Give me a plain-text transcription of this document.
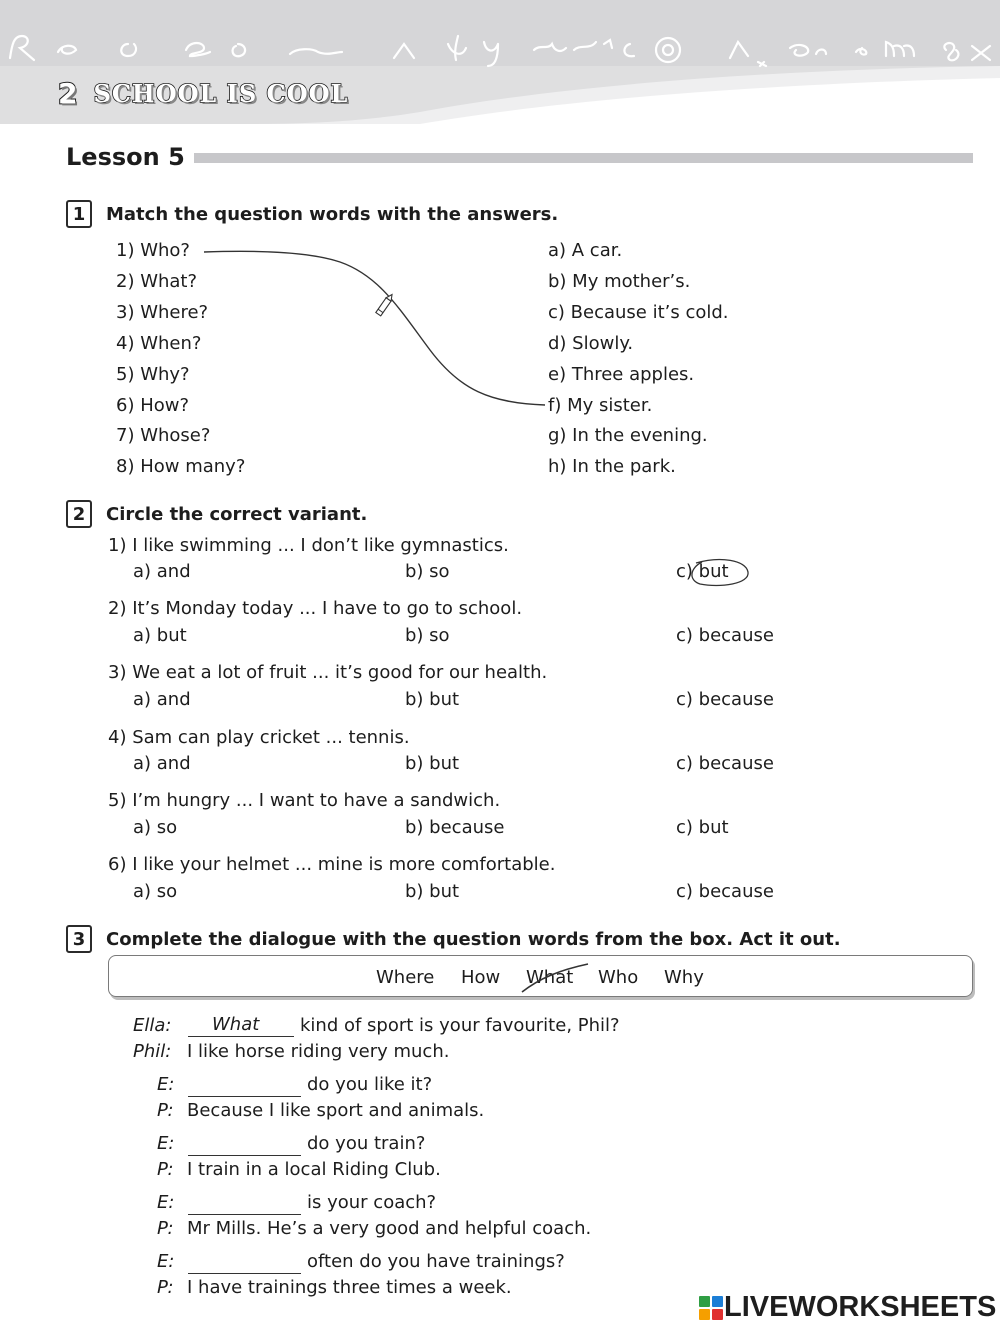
2 SCHOOL IS COOL
Lesson 5
1	Match the question words with the answers.
1) Who?
2) What?
3) Where?
4) When?
5) Why?
6) How?
7) Whose?
8) How many?
a) A car.
b) My mother’s.
c) Because it’s cold.
d) Slowly.
e) Three apples.
f) My sister.
g) In the evening.
h) In the park.
2	Circle the correct variant.
1) I like swimming ... I don’t like gymnastics.
a) and	b) so	c) but
2) It’s Monday today ... I have to go to school.
a) but	b) so	c) because
3) We eat a lot of fruit ... it’s good for our health.
a) and	b) but	c) because
4) Sam can play cricket ... tennis.
a) and	b) but	c) because
5) I’m hungry ... I want to have a sandwich.
a) so	b) because	c) but
6) I like your helmet ... mine is more comfortable.
a) so	b) but	c) because
3	Complete the dialogue with the question words from the box. Act it out.
Where How What Who Why
Ella: What kind of sport is your favourite, Phil?
Phil: I like horse riding very much.
E:	do you like it?
P: Because I like sport and animals.
E:	do you train?
P: I train in a local Riding Club.
E:	is your coach?
P: Mr Mills. He’s a very good and helpful coach.
E:	often do you have trainings?
P: I have trainings three times a week.
LIVEWORKSHEETS
